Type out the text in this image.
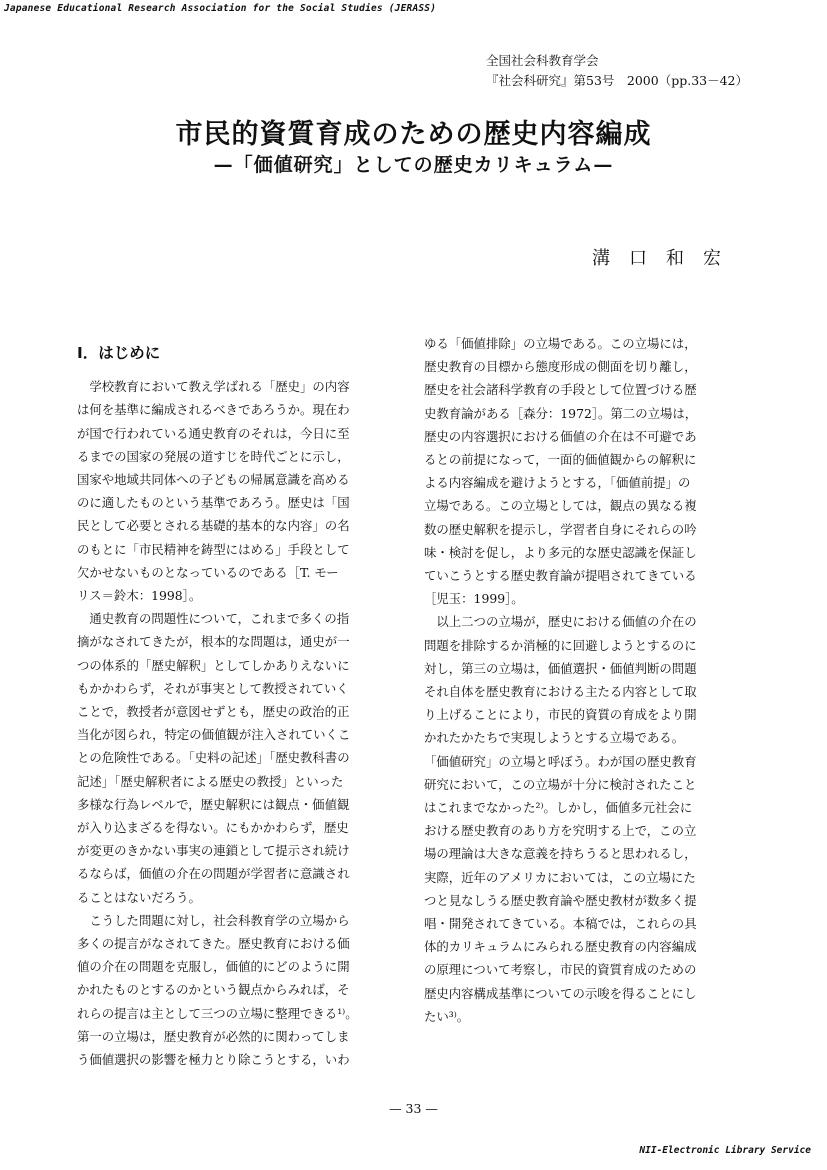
Japanese Educational Research Association for the Social Studies (JERASS)
全国社会科教育学会
『社会科研究』第53号　2000（pp.33－42）
市民的資質育成のための歴史内容編成
—「価値研究」としての歴史カリキュラム—
溝口和宏
Ⅰ．はじめに
　学校教育において教え学ばれる「歴史」の内容
は何を基準に編成されるべきであろうか。現在わ
が国で行われている通史教育のそれは，今日に至
るまでの国家の発展の道すじを時代ごとに示し，
国家や地域共同体への子どもの帰属意識を高める
のに適したものという基準であろう。歴史は「国
民として必要とされる基礎的基本的な内容」の名
のもとに「市民精神を鋳型にはめる」手段として
欠かせないものとなっているのである［T. モー
リス＝鈴木：1998］。
　通史教育の問題性について，これまで多くの指
摘がなされてきたが，根本的な問題は，通史が一
つの体系的「歴史解釈」としてしかありえないに
もかかわらず，それが事実として教授されていく
ことで，教授者が意図せずとも，歴史の政治的正
当化が図られ，特定の価値観が注入されていくこ
との危険性である。「史料の記述」「歴史教科書の
記述」「歴史解釈者による歴史の教授」といった
多様な行為レベルで，歴史解釈には観点・価値観
が入り込まざるを得ない。にもかかわらず，歴史
が変更のきかない事実の連鎖として提示され続け
るならば，価値の介在の問題が学習者に意識され
ることはないだろう。
　こうした問題に対し，社会科教育学の立場から
多くの提言がなされてきた。歴史教育における価
値の介在の問題を克服し，価値的にどのように開
かれたものとするのかという観点からみれば，そ
れらの提言は主として三つの立場に整理できる¹⁾。
第一の立場は，歴史教育が必然的に関わってしま
う価値選択の影響を極力とり除こうとする，いわ
ゆる「価値排除」の立場である。この立場には，
歴史教育の目標から態度形成の側面を切り離し，
歴史を社会諸科学教育の手段として位置づける歴
史教育論がある［森分：1972］。第二の立場は，
歴史の内容選択における価値の介在は不可避であ
るとの前提になって，一面的価値観からの解釈に
よる内容編成を避けようとする，「価値前提」の
立場である。この立場としては，観点の異なる複
数の歴史解釈を提示し，学習者自身にそれらの吟
味・検討を促し，より多元的な歴史認識を保証し
ていこうとする歴史教育論が提唱されてきている
［児玉：1999］。
　以上二つの立場が，歴史における価値の介在の
問題を排除するか消極的に回避しようとするのに
対し，第三の立場は，価値選択・価値判断の問題
それ自体を歴史教育における主たる内容として取
り上げることにより，市民的資質の育成をより開
かれたかたちで実現しようとする立場である。
「価値研究」の立場と呼ぼう。わが国の歴史教育
研究において，この立場が十分に検討されたこと
はこれまでなかった²⁾。しかし，価値多元社会に
おける歴史教育のあり方を究明する上で，この立
場の理論は大きな意義を持ちうると思われるし，
実際，近年のアメリカにおいては，この立場にた
つと見なしうる歴史教育論や歴史教材が数多く提
唱・開発されてきている。本稿では，これらの具
体的カリキュラムにみられる歴史教育の内容編成
の原理について考察し，市民的資質育成のための
歴史内容構成基準についての示唆を得ることにし
たい³⁾。
— 33 —
NII-Electronic Library Service
